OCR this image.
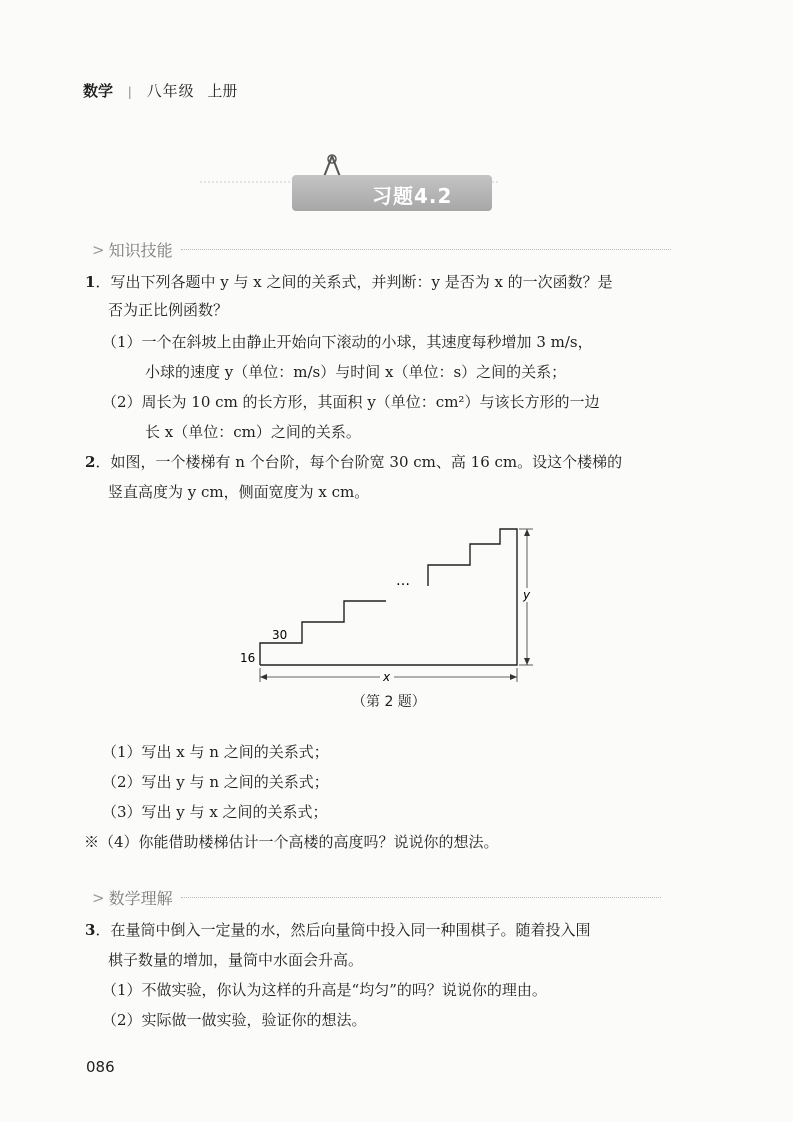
数学 | 八年级 上册
习题4.2
> 知识技能
1．写出下列各题中 y 与 x 之间的关系式，并判断：y 是否为 x 的一次函数？是
否为正比例函数？
（1）一个在斜坡上由静止开始向下滚动的小球，其速度每秒增加 3 m/s，
小球的速度 y（单位：m/s）与时间 x（单位：s）之间的关系；
（2）周长为 10 cm 的长方形，其面积 y（单位：cm²）与该长方形的一边
长 x（单位：cm）之间的关系。
2．如图，一个楼梯有 n 个台阶，每个台阶宽 30 cm、高 16 cm。设这个楼梯的
竖直高度为 y cm，侧面宽度为 x cm。
30
16
…
x
y
（第 2 题）
（1）写出 x 与 n 之间的关系式；
（2）写出 y 与 n 之间的关系式；
（3）写出 y 与 x 之间的关系式；
※（4）你能借助楼梯估计一个高楼的高度吗？说说你的想法。
> 数学理解
3．在量筒中倒入一定量的水，然后向量筒中投入同一种围棋子。随着投入围
棋子数量的增加，量筒中水面会升高。
（1）不做实验，你认为这样的升高是“均匀”的吗？说说你的理由。
（2）实际做一做实验，验证你的想法。
086
